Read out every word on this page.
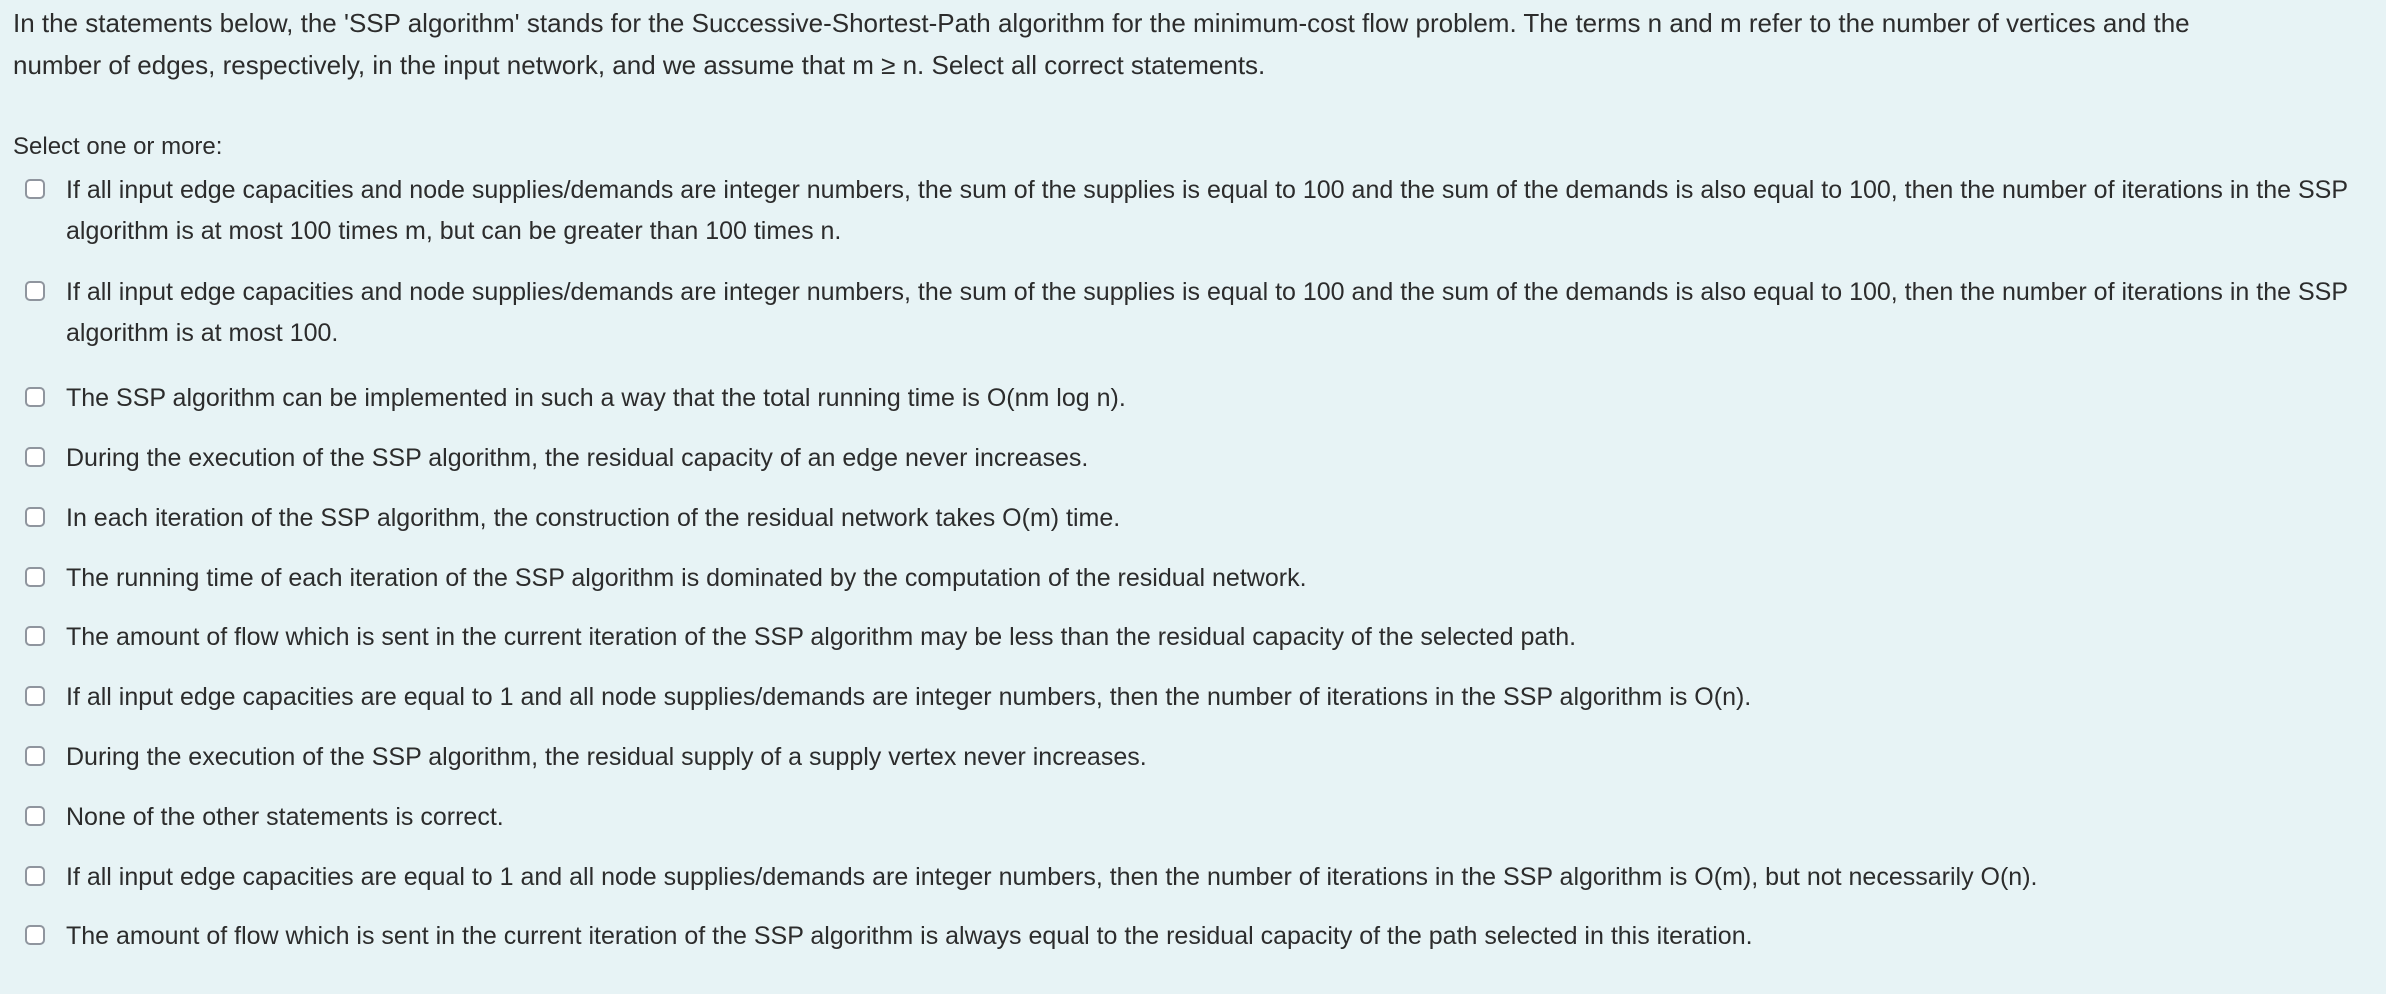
In the statements below, the 'SSP algorithm' stands for the Successive-Shortest-Path algorithm for the minimum-cost flow problem. The terms n and m refer to the number of vertices and the
number of edges, respectively, in the input network, and we assume that m ≥ n. Select all correct statements.
Select one or more:
If all input edge capacities and node supplies/demands are integer numbers, the sum of the supplies is equal to 100 and the sum of the demands is also equal to 100, then the number of iterations in the SSP algorithm is at most 100 times m, but can be greater than 100 times n.
If all input edge capacities and node supplies/demands are integer numbers, the sum of the supplies is equal to 100 and the sum of the demands is also equal to 100, then the number of iterations in the SSP algorithm is at most 100.
The SSP algorithm can be implemented in such a way that the total running time is O(nm log n).
During the execution of the SSP algorithm, the residual capacity of an edge never increases.
In each iteration of the SSP algorithm, the construction of the residual network takes O(m) time.
The running time of each iteration of the SSP algorithm is dominated by the computation of the residual network.
The amount of flow which is sent in the current iteration of the SSP algorithm may be less than the residual capacity of the selected path.
If all input edge capacities are equal to 1 and all node supplies/demands are integer numbers, then the number of iterations in the SSP algorithm is O(n).
During the execution of the SSP algorithm, the residual supply of a supply vertex never increases.
None of the other statements is correct.
If all input edge capacities are equal to 1 and all node supplies/demands are integer numbers, then the number of iterations in the SSP algorithm is O(m), but not necessarily O(n).
The amount of flow which is sent in the current iteration of the SSP algorithm is always equal to the residual capacity of the path selected in this iteration.
